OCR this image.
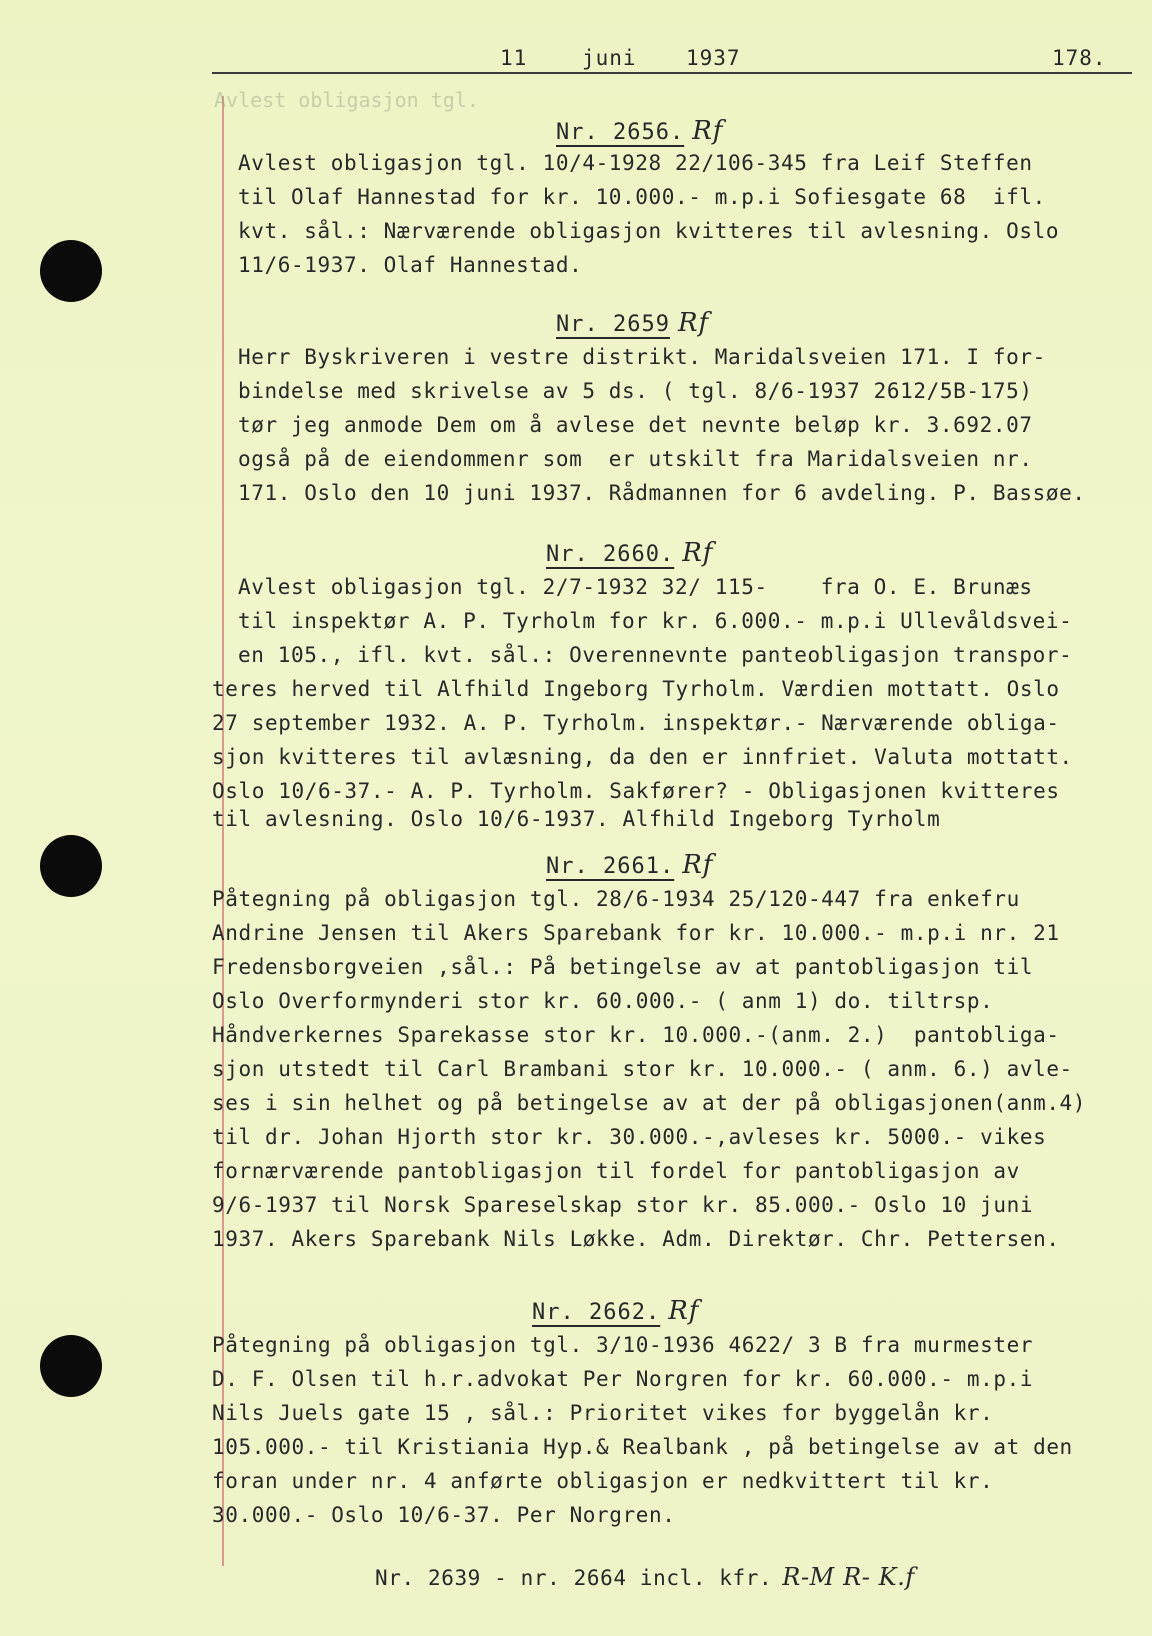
11	juni 1937	178.
Avlest obligasjon tgl.
Nr. 2656. Rf
Avlest obligasjon tgl. 10/4-1928 22/106-345 fra Leif Steffen
til Olaf Hannestad for kr. 10.000.- m.p.i Sofiesgate 68  ifl.
kvt. sål.: Nærværende obligasjon kvitteres til avlesning. Oslo
11/6-1937. Olaf Hannestad.
Nr. 2659 Rf
Herr Byskriveren i vestre distrikt. Maridalsveien 171. I for-
bindelse med skrivelse av 5 ds. ( tgl. 8/6-1937 2612/5B-175)
tør jeg anmode Dem om å avlese det nevnte beløp kr. 3.692.07
også på de eiendommenr som  er utskilt fra Maridalsveien nr.
171. Oslo den 10 juni 1937. Rådmannen for 6 avdeling. P. Bassøe.
Nr. 2660. Rf
Avlest obligasjon tgl. 2/7-1932 32/ 115-    fra O. E. Brunæs
til inspektør A. P. Tyrholm for kr. 6.000.- m.p.i Ullevåldsvei-
en 105., ifl. kvt. sål.: Overennevnte panteobligasjon transpor-
teres herved til Alfhild Ingeborg Tyrholm. Værdien mottatt. Oslo
27 september 1932. A. P. Tyrholm. inspektør.- Nærværende obliga-
sjon kvitteres til avlæsning, da den er innfriet. Valuta mottatt.
Oslo 10/6-37.- A. P. Tyrholm. Sakfører? - Obligasjonen kvitteres
til avlesning. Oslo 10/6-1937. Alfhild Ingeborg Tyrholm
Nr. 2661. Rf
Påtegning på obligasjon tgl. 28/6-1934 25/120-447 fra enkefru
Andrine Jensen til Akers Sparebank for kr. 10.000.- m.p.i nr. 21
Fredensborgveien ,sål.: På betingelse av at pantobligasjon til
Oslo Overformynderi stor kr. 60.000.- ( anm 1) do. tiltrsp.
Håndverkernes Sparekasse stor kr. 10.000.-(anm. 2.)  pantobliga-
sjon utstedt til Carl Brambani stor kr. 10.000.- ( anm. 6.) avle-
ses i sin helhet og på betingelse av at der på obligasjonen(anm.4)
til dr. Johan Hjorth stor kr. 30.000.-,avleses kr. 5000.- vikes
fornærværende pantobligasjon til fordel for pantobligasjon av
9/6-1937 til Norsk Spareselskap stor kr. 85.000.- Oslo 10 juni
1937. Akers Sparebank Nils Løkke. Adm. Direktør. Chr. Pettersen.
Nr. 2662. Rf
Påtegning på obligasjon tgl. 3/10-1936 4622/ 3 B fra murmester
D. F. Olsen til h.r.advokat Per Norgren for kr. 60.000.- m.p.i
Nils Juels gate 15 , sål.: Prioritet vikes for byggelån kr.
105.000.- til Kristiania Hyp.& Realbank , på betingelse av at den
foran under nr. 4 anførte obligasjon er nedkvittert til kr.
30.000.- Oslo 10/6-37. Per Norgren.

Nr. 2639 - nr. 2664 incl. kfr. R-M R- K.f
